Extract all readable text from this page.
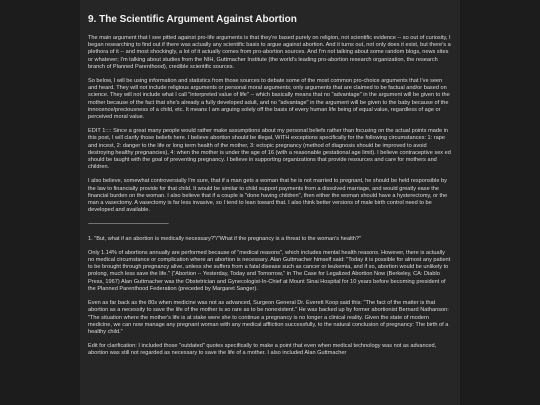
9. The Scientific Argument Against Abortion

The main argument that I see pitted against pro-life arguments is that they're based purely on religion, not scientific evidence -- so out of curiosity, I began researching to find out if there was actually any scientific basis to argue against abortion. And it turns out, not only does it exist, but there's a plethora of it -- and most shockingly, a lot of it actually comes from pro-abortion sources. And I'm not talking about some random blogs, news sites or whatever; I'm talking about studies from the NIH, Guttmacher Institute (the world's leading pro-abortion research organization, the research branch of Planned Parenthood), credible scientific sources.

So below, I will be using information and statistics from those sources to debate some of the most common pro-choice arguments that I've seen and heard. They will not include religious arguments or personal moral arguments; only arguments that are claimed to be factual and/or based on science. They will not include what I call "interpreted value of life" -- which basically means that no "advantage" in the argument will be given to the mother because of the fact that she's already a fully developed adult, and no "advantage" in the argument will be given to the baby because of the innocence/preciousness of a child, etc. It means I am arguing solely off the basis of every human life being of equal value, regardless of age or perceived moral value.

EDIT 1:::: Since a great many people would rather make assumptions about my personal beliefs rather than focusing on the actual points made in this post, I will clarify those beliefs here. I believe abortion should be illegal, WITH exceptions specifically for the following circumstances: 1: rape and incest, 2: danger to the life or long term health of the mother, 3: ectopic pregnancy (method of diagnosis should be improved to avoid destroying healthy pregnancies), 4: when the mother is under the age of 16 (with a reasonable gestational age limit). I believe contraceptive sex ed should be taught with the goal of preventing pregnancy. I believe in supporting organizations that provide resources and care for mothers and children.

I also believe, somewhat controversially I'm sure, that if a man gets a woman that he is not married to pregnant, he should be held responsible by the law to financially provide for that child. It would be similar to child support payments from a dissolved marriage, and would greatly ease the financial burden on the woman. I also believe that if a couple is "done having children", then either the woman should have a hysterectomy, or the man a vasectomy. A vasectomy is far less invasive, so I tend to lean toward that. I also think better versions of male birth control need to be developed and available.

-----------------------------------------------------------

1. "But, what if an abortion is medically necessary?"/"What if the pregnancy is a threat to the woman's health?"

Only 1.14% of abortions annually are performed because of "medical reasons", which includes mental health reasons. However, there is actually no medical circumstance or complication where an abortion is necessary. Alan Guttmacher himself said: "Today it is possible for almost any patient to be brought through pregnancy alive, unless she suffers from a fatal disease such as cancer or leukemia, and if so, abortion would be unlikely to prolong, much less save the life." ("Abortion -- Yesterday, Today and Tomorrow," in The Case for Legalized Abortion Now (Berkeley, CA: Diablo Press, 1967) Alan Guttmacher was the Obstetrician and Gynecologist-In-Chief at Mount Sinai Hospital for 10 years before becoming president of the Planned Parenthood Federation (preceded by Margaret Sanger).

Even as far back as the 80s when medicine was not as advanced, Surgeon General Dr. Everett Koop said this: "The fact of the matter is that abortion as a necessity to save the life of the mother is so rare as to be nonexistent." He was backed up by former abortionist Bernard Nathanson: "The situation where the mother's life is at stake were she to continue a pregnancy is no longer a clinical reality. Given the state of modern medicine, we can now manage any pregnant woman with any medical affliction successfully, to the natural conclusion of pregnancy: The birth of a healthy child."

Edit for clarification: I included those "outdated" quotes specifically to make a point that even when medical technology was not as advanced, abortion was still not regarded as necessary to save the life of a mother. I also included Alan Guttmacher
